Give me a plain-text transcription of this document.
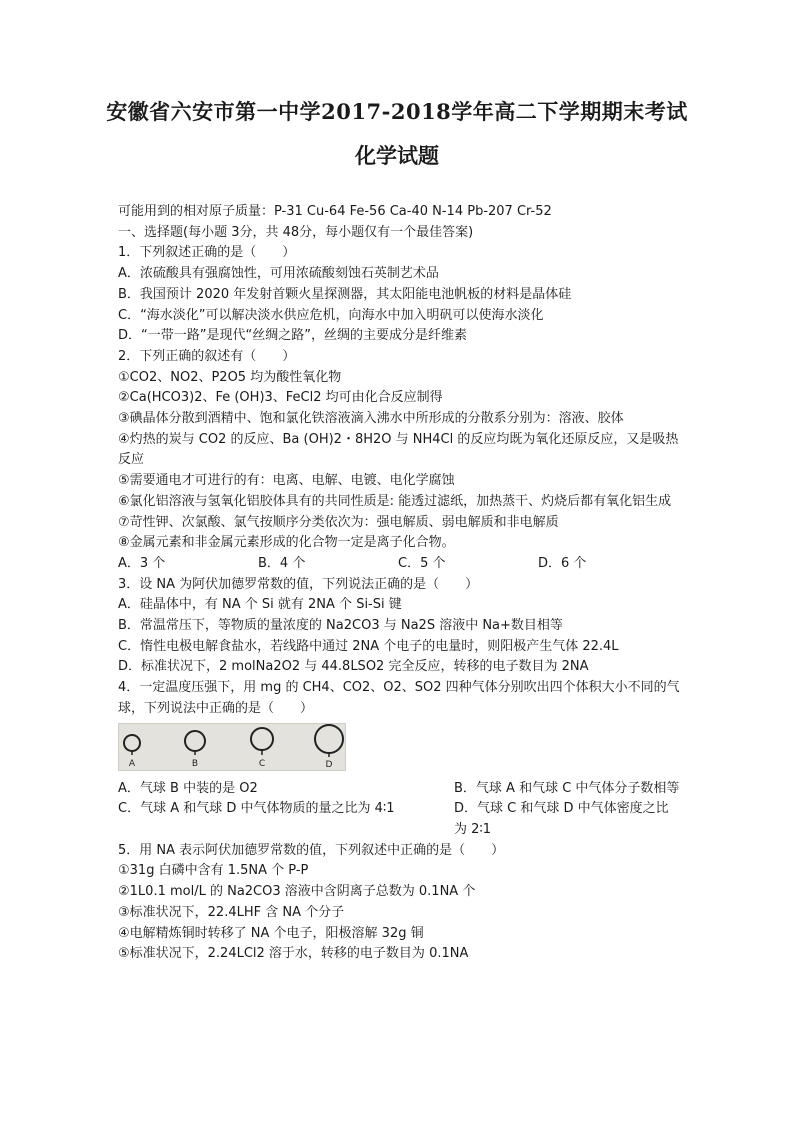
安徽省六安市第一中学2017-2018学年高二下学期期末考试
化学试题
可能用到的相对原子质量：P-31 Cu-64 Fe-56 Ca-40 N-14 Pb-207 Cr-52
一、选择题(每小题 3分，共 48分，每小题仅有一个最佳答案)
1．下列叙述正确的是（　　）
A．浓硫酸具有强腐蚀性，可用浓硫酸刻蚀石英制艺术品
B．我国预计 2020 年发射首颗火星探测器，其太阳能电池帆板的材料是晶体硅
C．“海水淡化”可以解决淡水供应危机，向海水中加入明矾可以使海水淡化
D．“一带一路”是现代“丝绸之路”，丝绸的主要成分是纤维素
2．下列正确的叙述有（　　）
①CO2、NO2、P2O5 均为酸性氧化物
②Ca(HCO3)2、Fe (OH)3、FeCl2 均可由化合反应制得
③碘晶体分散到酒精中、饱和氯化铁溶液滴入沸水中所形成的分散系分别为：溶液、胶体
④灼热的炭与 CO2 的反应、Ba (OH)2・8H2O 与 NH4Cl 的反应均既为氧化还原反应，又是吸热反应
⑤需要通电才可进行的有：电离、电解、电镀、电化学腐蚀
⑥氯化铝溶液与氢氧化铝胶体具有的共同性质是: 能透过滤纸，加热蒸干、灼烧后都有氧化铝生成
⑦苛性钾、次氯酸、氯气按顺序分类依次为：强电解质、弱电解质和非电解质
⑧金属元素和非金属元素形成的化合物一定是离子化合物。
A．3 个	B．4 个	C．5 个	D．6 个
3．设 NA 为阿伏加德罗常数的值，下列说法正确的是（　　）
A．硅晶体中，有 NA 个 Si 就有 2NA 个 Si-Si 键
B．常温常压下，等物质的量浓度的 Na2CO3 与 Na2S 溶液中 Na+数目相等
C．惰性电极电解食盐水，若线路中通过 2NA 个电子的电量时，则阳极产生气体 22.4L
D．标准状况下，2 molNa2O2 与 44.8LSO2 完全反应，转移的电子数目为 2NA
4．一定温度压强下，用 mg 的 CH4、CO2、O2、SO2 四种气体分别吹出四个体积大小不同的气球，下列说法中正确的是（　　）
A	B	C	D
A．气球 B 中装的是 O2	B．气球 A 和气球 C 中气体分子数相等
C．气球 A 和气球 D 中气体物质的量之比为 4∶1	D．气球 C 和气球 D 中气体密度之比为 2∶1
5．用 NA 表示阿伏加德罗常数的值，下列叙述中正确的是（　　）
①31g 白磷中含有 1.5NA 个 P-P
②1L0.1 mol/L 的 Na2CO3 溶液中含阴离子总数为 0.1NA 个
③标准状况下，22.4LHF 含 NA 个分子
④电解精炼铜时转移了 NA 个电子，阳极溶解 32g 铜
⑤标准状况下，2.24LCl2 溶于水，转移的电子数目为 0.1NA
